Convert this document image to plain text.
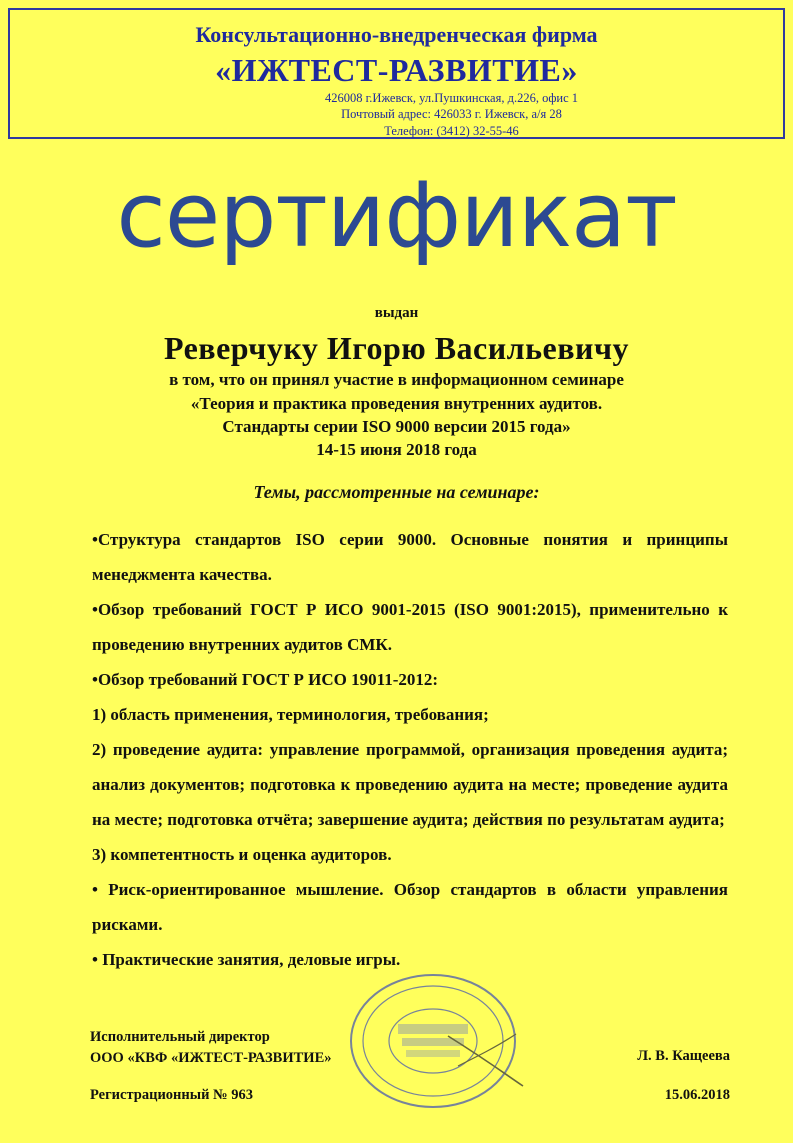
Консультационно-внедренческая фирма
«ИЖТЕСТ-РАЗВИТИЕ»
426008 г.Ижевск, ул.Пушкинская, д.226, офис 1
Почтовый адрес: 426033 г. Ижевск, а/я 28
Телефон: (3412) 32-55-46
сертификат
выдан
Реверчуку Игорю Васильевичу
в том, что он принял участие в информационном семинаре
«Теория и практика проведения внутренних аудитов.
Стандарты серии ISO 9000 версии 2015 года»
14-15 июня 2018 года
Темы, рассмотренные на семинаре:
•Структура стандартов ISO серии 9000. Основные понятия и принципы менеджмента качества.
•Обзор требований ГОСТ Р ИСО 9001-2015 (ISO 9001:2015), применительно к проведению внутренних аудитов СМК.
•Обзор требований ГОСТ Р ИСО 19011-2012:
1) область применения, терминология, требования;
2) проведение аудита: управление программой, организация проведения аудита; анализ документов; подготовка к проведению аудита на месте; проведение аудита на месте; подготовка отчёта; завершение аудита; действия по результатам аудита;
3) компетентность и оценка аудиторов.
• Риск-ориентированное мышление. Обзор стандартов в области управления рисками.
• Практические занятия, деловые игры.
Исполнительный директор
ООО «КВФ «ИЖТЕСТ-РАЗВИТИЕ»	Л. В. Кащеева
Регистрационный № 963	15.06.2018
